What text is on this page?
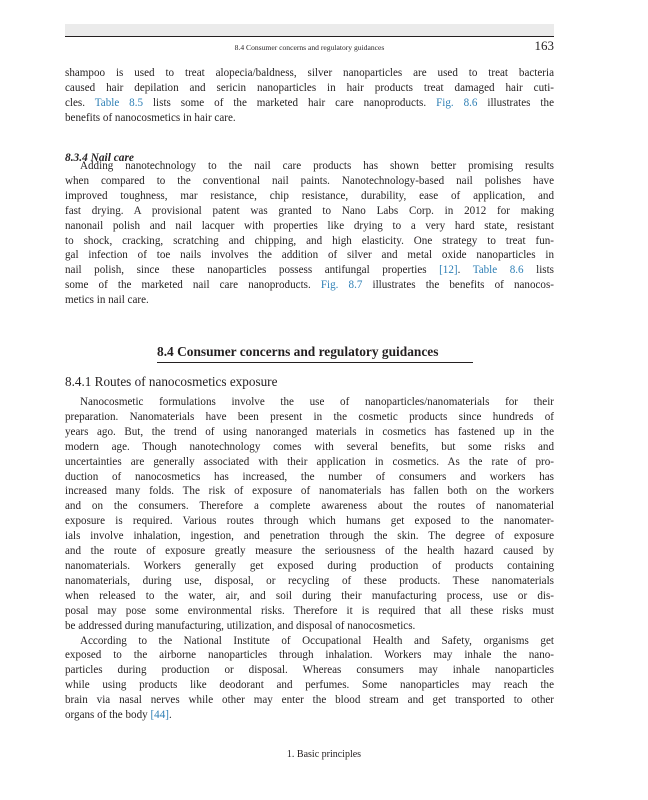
8.4 Consumer concerns and regulatory guidances	163

shampoo is used to treat alopecia/baldness, silver nanoparticles are used to treat bacteria
caused hair depilation and sericin nanoparticles in hair products treat damaged hair cuti-
cles. Table 8.5 lists some of the marketed hair care nanoproducts. Fig. 8.6 illustrates the
benefits of nanocosmetics in hair care.

8.3.4 Nail care

Adding nanotechnology to the nail care products has shown better promising results
when compared to the conventional nail paints. Nanotechnology-based nail polishes have
improved toughness, mar resistance, chip resistance, durability, ease of application, and
fast drying. A provisional patent was granted to Nano Labs Corp. in 2012 for making
nanonail polish and nail lacquer with properties like drying to a very hard state, resistant
to shock, cracking, scratching and chipping, and high elasticity. One strategy to treat fun-
gal infection of toe nails involves the addition of silver and metal oxide nanoparticles in
nail polish, since these nanoparticles possess antifungal properties [12]. Table 8.6 lists
some of the marketed nail care nanoproducts. Fig. 8.7 illustrates the benefits of nanocos-
metics in nail care.

8.4 Consumer concerns and regulatory guidances
8.4.1 Routes of nanocosmetics exposure

Nanocosmetic formulations involve the use of nanoparticles/nanomaterials for their
preparation. Nanomaterials have been present in the cosmetic products since hundreds of
years ago. But, the trend of using nanoranged materials in cosmetics has fastened up in the
modern age. Though nanotechnology comes with several benefits, but some risks and
uncertainties are generally associated with their application in cosmetics. As the rate of pro-
duction of nanocosmetics has increased, the number of consumers and workers has
increased many folds. The risk of exposure of nanomaterials has fallen both on the workers
and on the consumers. Therefore a complete awareness about the routes of nanomaterial
exposure is required. Various routes through which humans get exposed to the nanomater-
ials involve inhalation, ingestion, and penetration through the skin. The degree of exposure
and the route of exposure greatly measure the seriousness of the health hazard caused by
nanomaterials. Workers generally get exposed during production of products containing
nanomaterials, during use, disposal, or recycling of these products. These nanomaterials
when released to the water, air, and soil during their manufacturing process, use or dis-
posal may pose some environmental risks. Therefore it is required that all these risks must
be addressed during manufacturing, utilization, and disposal of nanocosmetics.

According to the National Institute of Occupational Health and Safety, organisms get
exposed to the airborne nanoparticles through inhalation. Workers may inhale the nano-
particles during production or disposal. Whereas consumers may inhale nanoparticles
while using products like deodorant and perfumes. Some nanoparticles may reach the
brain via nasal nerves while other may enter the blood stream and get transported to other
organs of the body [44].

1. Basic principles
